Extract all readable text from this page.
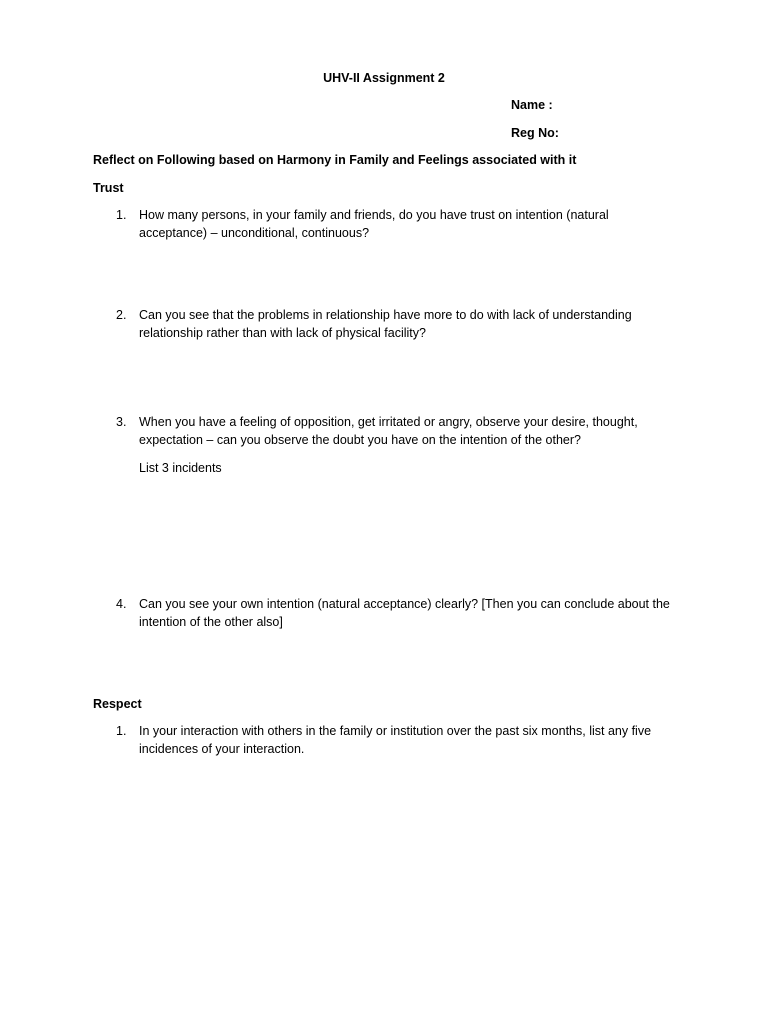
UHV-II Assignment 2
Name :
Reg No:
Reflect on Following based on Harmony in Family and Feelings associated with it
Trust
1.	How many persons, in your family and friends, do you have trust on intention (natural acceptance) – unconditional, continuous?
2.	Can you see that the problems in relationship have more to do with lack of understanding relationship rather than with lack of physical facility?
3.	When you have a feeling of opposition, get irritated or angry, observe your desire, thought, expectation – can you observe the doubt you have on the intention of the other?
List 3 incidents
4.	Can you see your own intention (natural acceptance) clearly? [Then you can conclude about the intention of the other also]
Respect
1.	In your interaction with others in the family or institution over the past six months, list any five incidences of your interaction.
